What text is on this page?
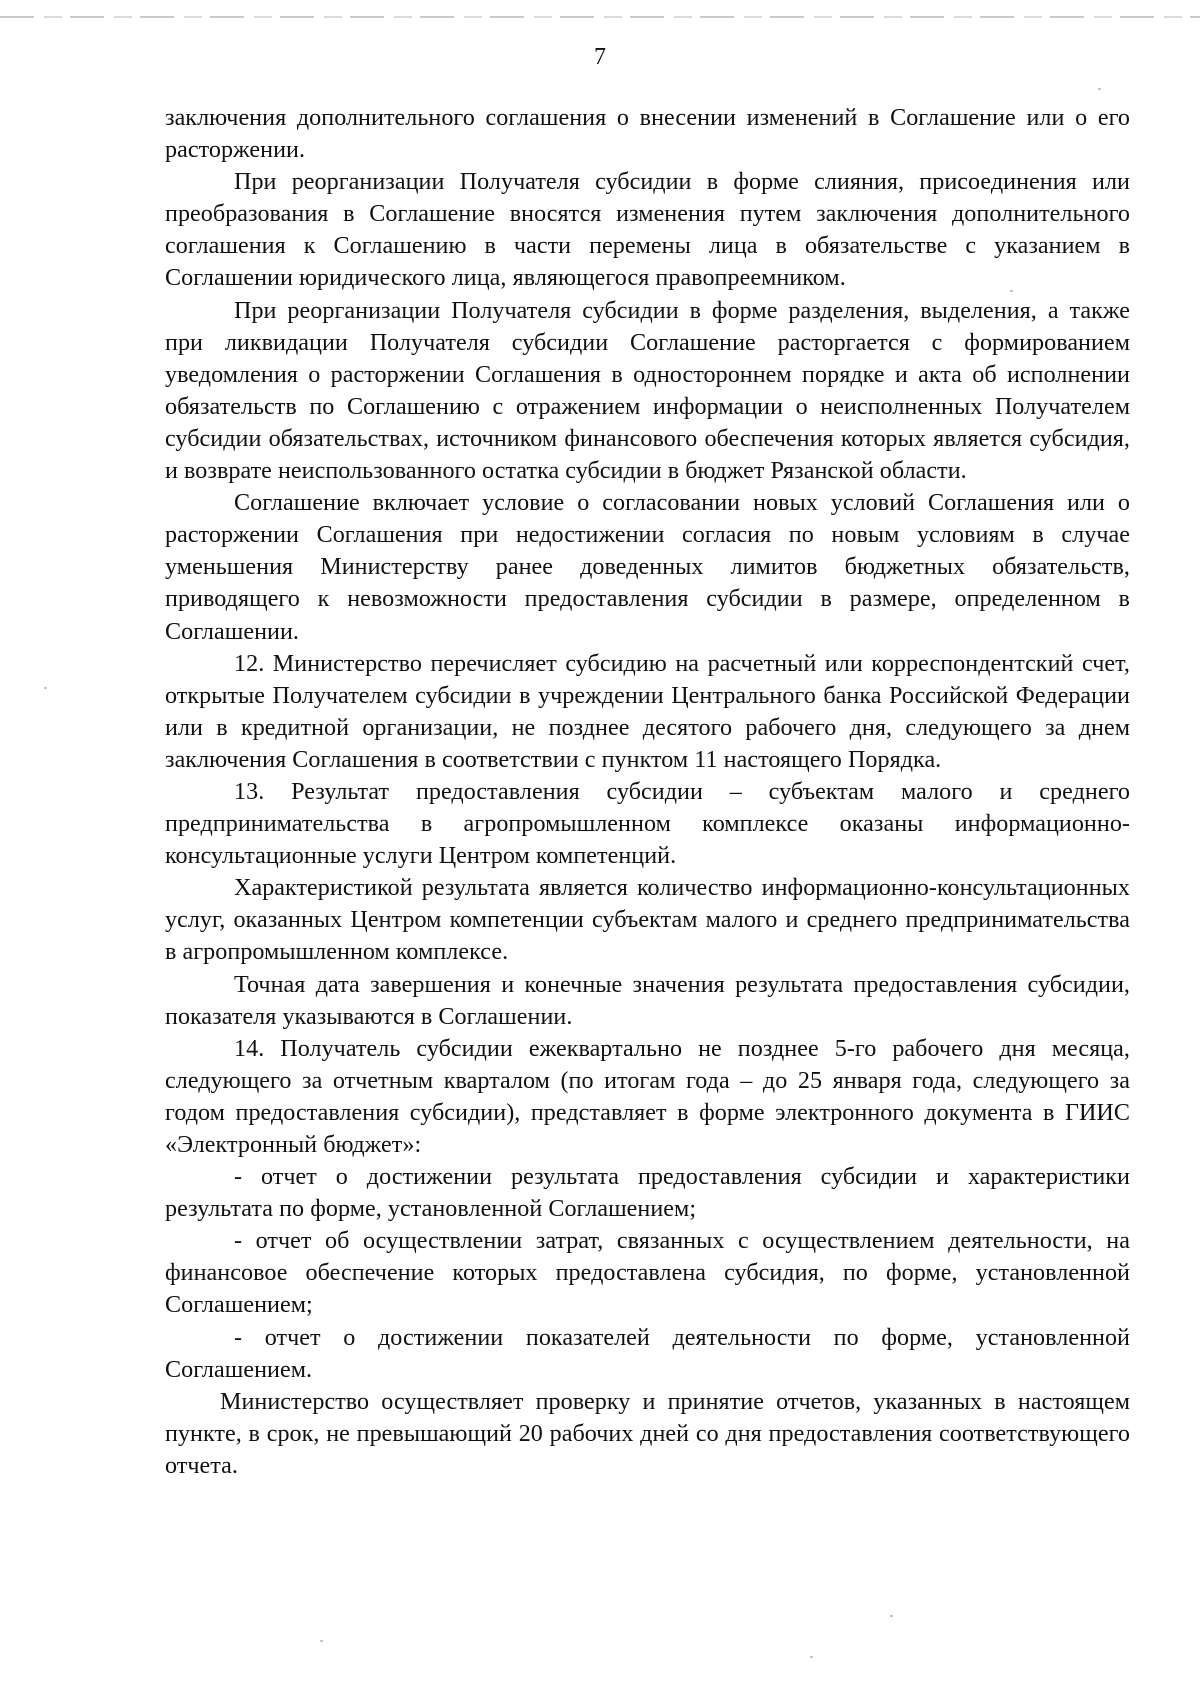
7

заключения дополнительного соглашения о внесении изменений в Соглашение или о его расторжении.

При реорганизации Получателя субсидии в форме слияния, присоединения или преобразования в Соглашение вносятся изменения путем заключения дополнительного соглашения к Соглашению в части перемены лица в обязательстве с указанием в Соглашении юридического лица, являющегося правопреемником.

При реорганизации Получателя субсидии в форме разделения, выделения, а также при ликвидации Получателя субсидии Соглашение расторгается с формированием уведомления о расторжении Соглашения в одностороннем порядке и акта об исполнении обязательств по Соглашению с отражением информации о неисполненных Получателем субсидии обязательствах, источником финансового обеспечения которых является субсидия, и возврате неиспользованного остатка субсидии в бюджет Рязанской области.

Соглашение включает условие о согласовании новых условий Соглашения или о расторжении Соглашения при недостижении согласия по новым условиям в случае уменьшения Министерству ранее доведенных лимитов бюджетных обязательств, приводящего к невозможности предоставления субсидии в размере, определенном в Соглашении.

12. Министерство перечисляет субсидию на расчетный или корреспондентский счет, открытые Получателем субсидии в учреждении Центрального банка Российской Федерации или в кредитной организации, не позднее десятого рабочего дня, следующего за днем заключения Соглашения в соответствии с пунктом 11 настоящего Порядка.

13. Результат предоставления субсидии – субъектам малого и среднего предпринимательства в агропромышленном комплексе оказаны информационно-консультационные услуги Центром компетенций.

Характеристикой результата является количество информационно-консультационных услуг, оказанных Центром компетенции субъектам малого и среднего предпринимательства в агропромышленном комплексе.

Точная дата завершения и конечные значения результата предоставления субсидии, показателя указываются в Соглашении.

14. Получатель субсидии ежеквартально не позднее 5-го рабочего дня месяца, следующего за отчетным кварталом (по итогам года – до 25 января года, следующего за годом предоставления субсидии), представляет в форме электронного документа в ГИИС «Электронный бюджет»:

- отчет о достижении результата предоставления субсидии и характеристики результата по форме, установленной Соглашением;

- отчет об осуществлении затрат, связанных с осуществлением деятельности, на финансовое обеспечение которых предоставлена субсидия, по форме, установленной Соглашением;

- отчет о достижении показателей деятельности по форме, установленной Соглашением.

Министерство осуществляет проверку и принятие отчетов, указанных в настоящем пункте, в срок, не превышающий 20 рабочих дней со дня предоставления соответствующего отчета.
